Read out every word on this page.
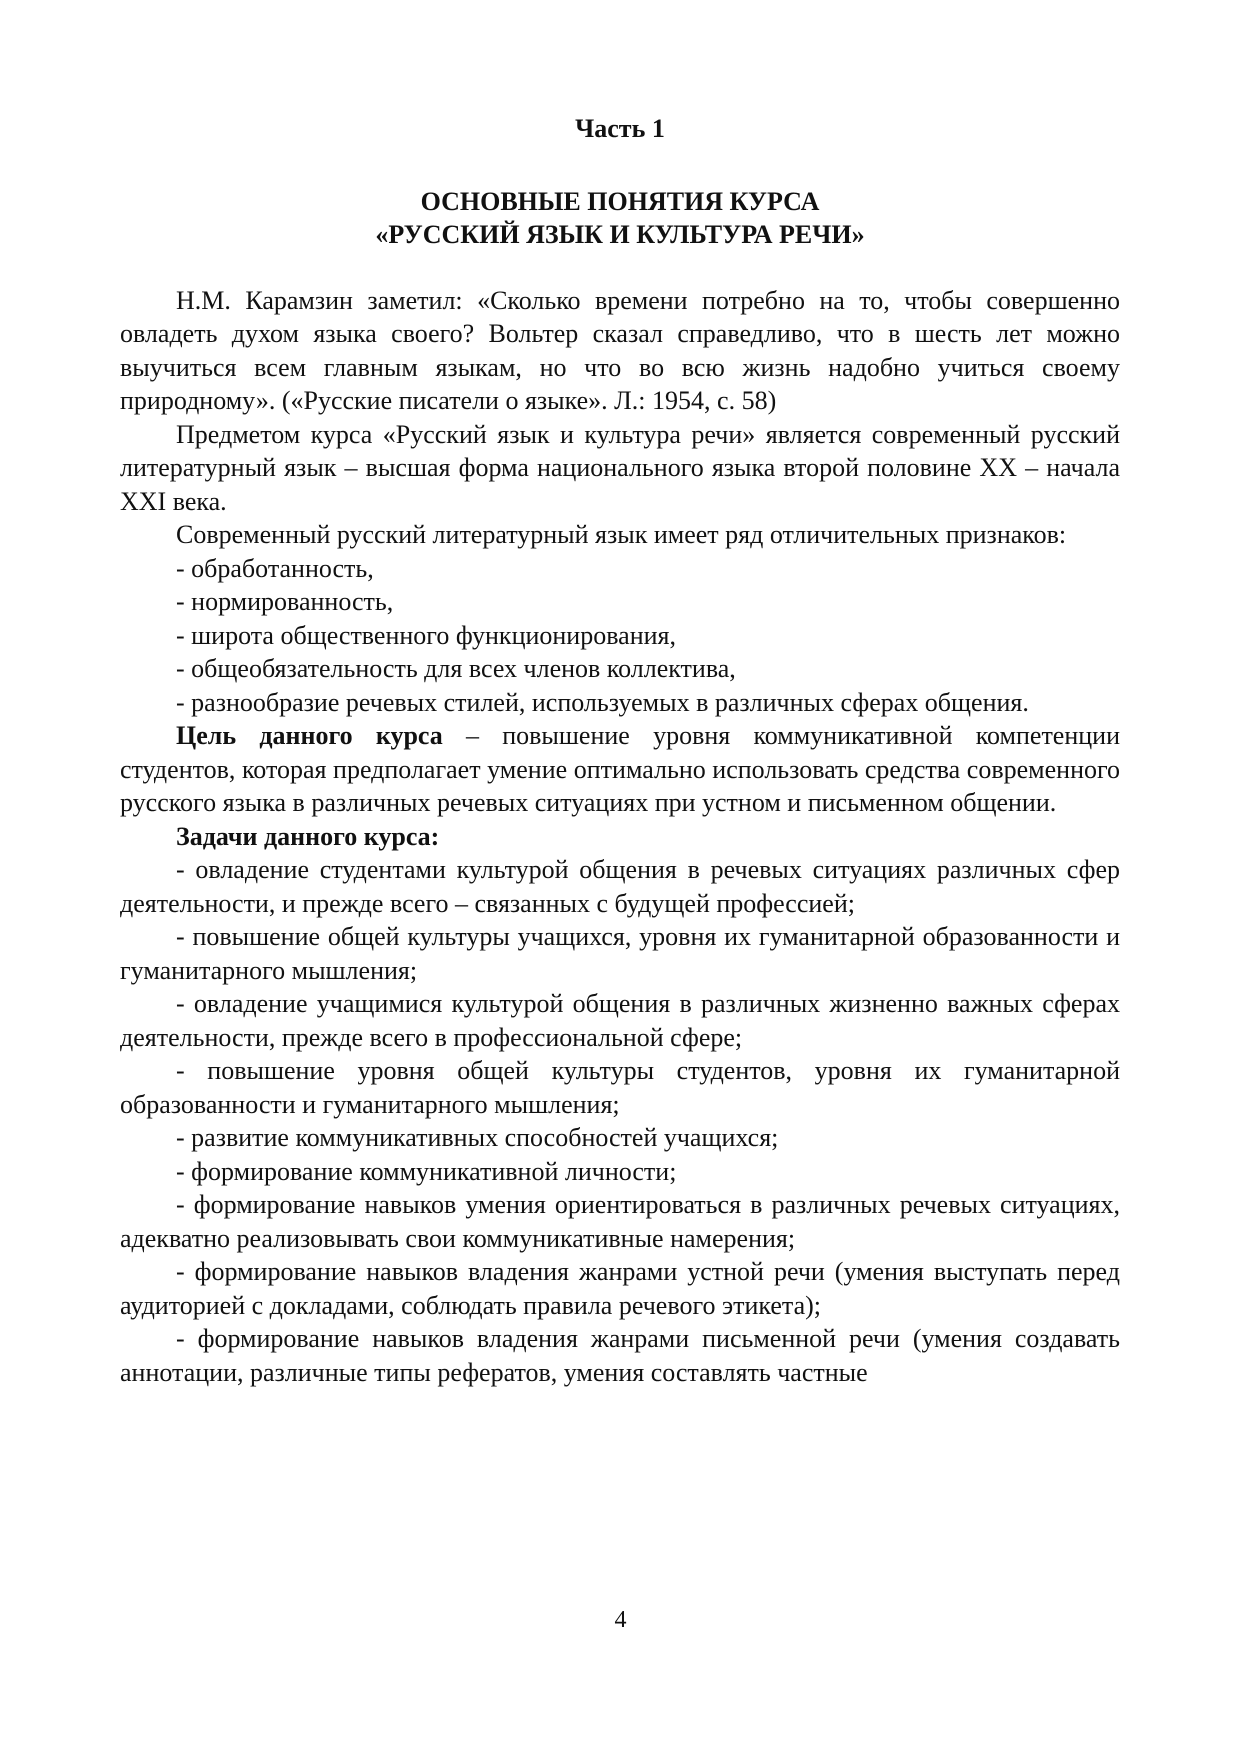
Часть 1
ОСНОВНЫЕ ПОНЯТИЯ КУРСА
«РУССКИЙ ЯЗЫК И КУЛЬТУРА РЕЧИ»

Н.М. Карамзин заметил: «Сколько времени потребно на то, чтобы совершенно овладеть духом языка своего? Вольтер сказал справедливо, что в шесть лет можно выучиться всем главным языкам, но что во всю жизнь надобно учиться своему природному». («Русские писатели о языке». Л.: 1954, с. 58)

Предметом курса «Русский язык и культура речи» является современный русский литературный язык – высшая форма национального языка второй половине XX – начала XXI века.

Современный русский литературный язык имеет ряд отличительных признаков:

- обработанность,

- нормированность,

- широта общественного функционирования,

- общеобязательность для всех членов коллектива,

- разнообразие речевых стилей, используемых в различных сферах общения.

Цель данного курса – повышение уровня коммуникативной компетенции студентов, которая предполагает умение оптимально использовать средства современного русского языка в различных речевых ситуациях при устном и письменном общении.

Задачи данного курса:

- овладение студентами культурой общения в речевых ситуациях различных сфер деятельности, и прежде всего – связанных с будущей профессией;

- повышение общей культуры учащихся, уровня их гуманитарной образованности и гуманитарного мышления;

- овладение учащимися культурой общения в различных жизненно важных сферах деятельности, прежде всего в профессиональной сфере;

- повышение уровня общей культуры студентов, уровня их гуманитарной образованности и гуманитарного мышления;

- развитие коммуникативных способностей учащихся;

- формирование коммуникативной личности;

- формирование навыков умения ориентироваться в различных речевых ситуациях, адекватно реализовывать свои коммуникативные намерения;

- формирование навыков владения жанрами устной речи (умения выступать перед аудиторией с докладами, соблюдать правила речевого этикета);

- формирование навыков владения жанрами письменной речи (умения создавать аннотации, различные типы рефератов, умения составлять частные

4
